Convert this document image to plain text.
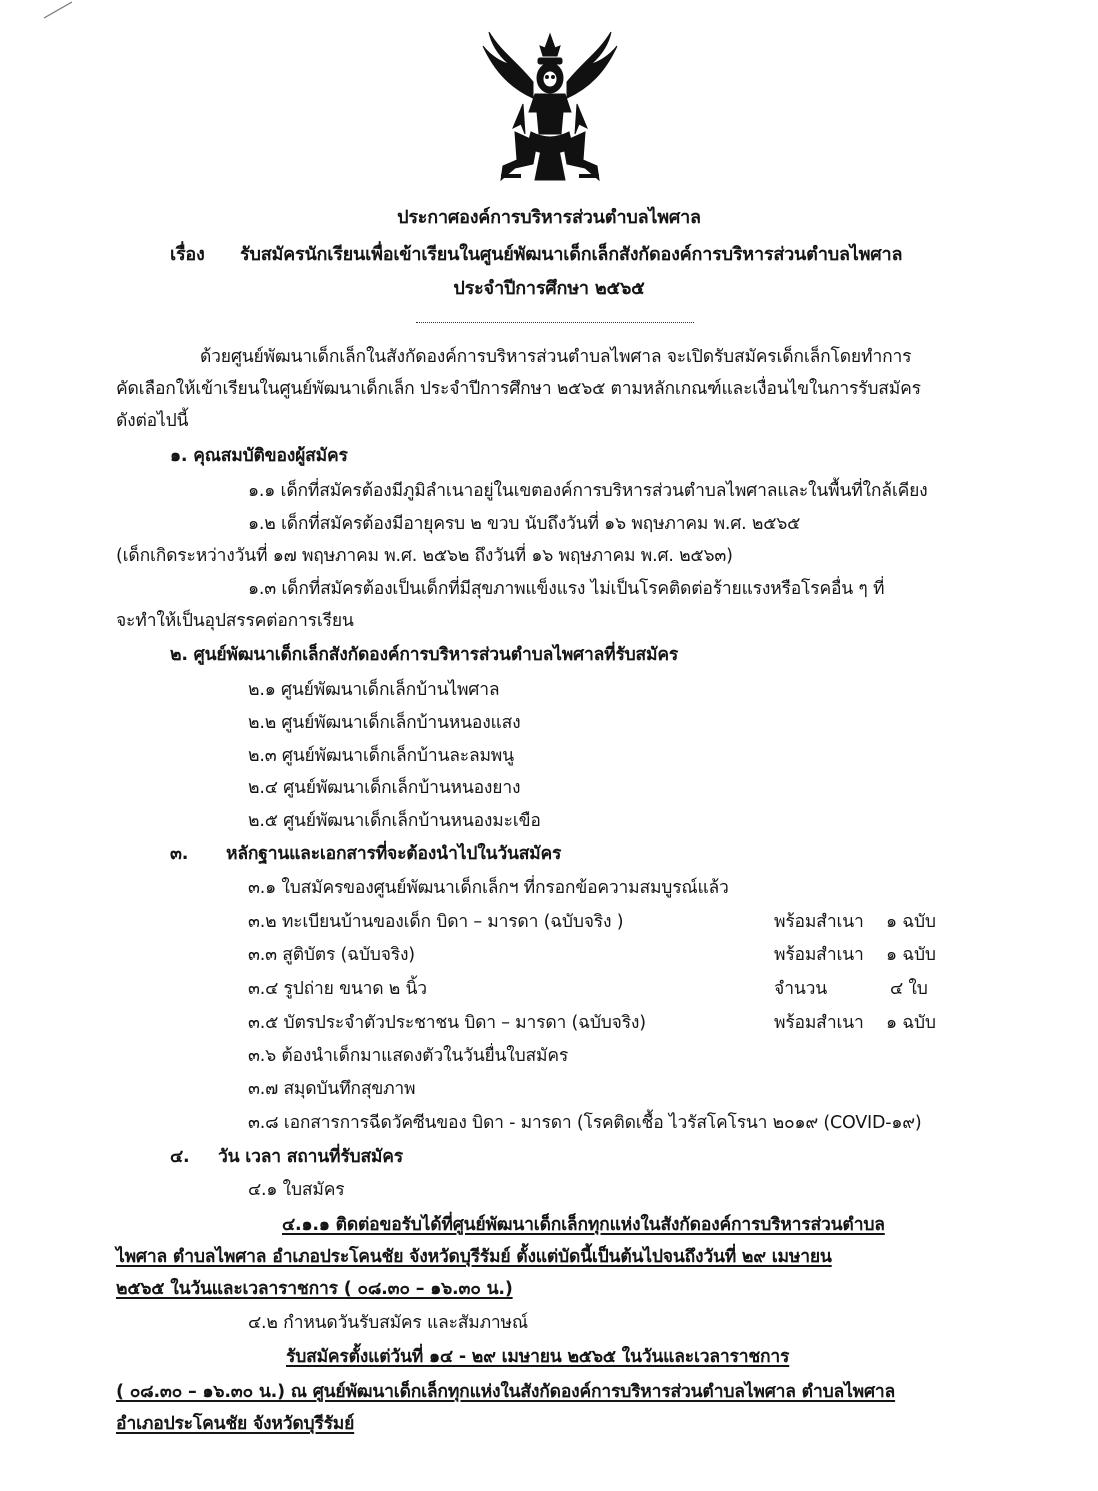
ประกาศองค์การบริหารส่วนตำบลไพศาล
เรื่อง รับสมัครนักเรียนเพื่อเข้าเรียนในศูนย์พัฒนาเด็กเล็กสังกัดองค์การบริหารส่วนตำบลไพศาล
ประจำปีการศึกษา ๒๕๖๕
ด้วยศูนย์พัฒนาเด็กเล็กในสังกัดองค์การบริหารส่วนตำบลไพศาล จะเปิดรับสมัครเด็กเล็กโดยทำการ
คัดเลือกให้เข้าเรียนในศูนย์พัฒนาเด็กเล็ก ประจำปีการศึกษา ๒๕๖๕ ตามหลักเกณฑ์และเงื่อนไขในการรับสมัคร
ดังต่อไปนี้
๑. คุณสมบัติของผู้สมัคร
๑.๑ เด็กที่สมัครต้องมีภูมิลำเนาอยู่ในเขตองค์การบริหารส่วนตำบลไพศาลและในพื้นที่ใกล้เคียง
๑.๒ เด็กที่สมัครต้องมีอายุครบ ๒ ขวบ นับถึงวันที่ ๑๖ พฤษภาคม พ.ศ. ๒๕๖๕
(เด็กเกิดระหว่างวันที่ ๑๗ พฤษภาคม พ.ศ. ๒๕๖๒ ถึงวันที่ ๑๖ พฤษภาคม พ.ศ. ๒๕๖๓)
๑.๓ เด็กที่สมัครต้องเป็นเด็กที่มีสุขภาพแข็งแรง ไม่เป็นโรคติดต่อร้ายแรงหรือโรคอื่น ๆ ที่
จะทำให้เป็นอุปสรรคต่อการเรียน
๒. ศูนย์พัฒนาเด็กเล็กสังกัดองค์การบริหารส่วนตำบลไพศาลที่รับสมัคร
๒.๑ ศูนย์พัฒนาเด็กเล็กบ้านไพศาล
๒.๒ ศูนย์พัฒนาเด็กเล็กบ้านหนองแสง
๒.๓ ศูนย์พัฒนาเด็กเล็กบ้านละลมพนู
๒.๔ ศูนย์พัฒนาเด็กเล็กบ้านหนองยาง
๒.๕ ศูนย์พัฒนาเด็กเล็กบ้านหนองมะเขือ
๓. หลักฐานและเอกสารที่จะต้องนำไปในวันสมัคร
๓.๑ ใบสมัครของศูนย์พัฒนาเด็กเล็กฯ ที่กรอกข้อความสมบูรณ์แล้ว
๓.๒ ทะเบียนบ้านของเด็ก บิดา – มารดา (ฉบับจริง )	พร้อมสำเนา ๑ ฉบับ
๓.๓ สูติบัตร (ฉบับจริง)	พร้อมสำเนา ๑ ฉบับ
๓.๔ รูปถ่าย ขนาด ๒ นิ้ว	จำนวน	๔ ใบ
๓.๕ บัตรประจำตัวประชาชน บิดา – มารดา (ฉบับจริง)	พร้อมสำเนา ๑ ฉบับ
๓.๖ ต้องนำเด็กมาแสดงตัวในวันยื่นใบสมัคร
๓.๗ สมุดบันทึกสุขภาพ
๓.๘ เอกสารการฉีดวัคซีนของ บิดา - มารดา (โรคติดเชื้อ ไวรัสโคโรนา ๒๐๑๙ (COVID-๑๙)
๔. วัน เวลา สถานที่รับสมัคร
๔.๑ ใบสมัคร
๔.๑.๑ ติดต่อขอรับได้ที่ศูนย์พัฒนาเด็กเล็กทุกแห่งในสังกัดองค์การบริหารส่วนตำบล
ไพศาล ตำบลไพศาล อำเภอประโคนชัย จังหวัดบุรีรัมย์ ตั้งแต่บัดนี้เป็นต้นไปจนถึงวันที่ ๒๙ เมษายน
๒๕๖๕ ในวันและเวลาราชการ ( ๐๘.๓๐ – ๑๖.๓๐ น.)
๔.๒ กำหนดวันรับสมัคร และสัมภาษณ์
รับสมัครตั้งแต่วันที่ ๑๔ - ๒๙ เมษายน ๒๕๖๕ ในวันและเวลาราชการ
( ๐๘.๓๐ – ๑๖.๓๐ น.) ณ ศูนย์พัฒนาเด็กเล็กทุกแห่งในสังกัดองค์การบริหารส่วนตำบลไพศาล ตำบลไพศาล
อำเภอประโคนชัย จังหวัดบุรีรัมย์
